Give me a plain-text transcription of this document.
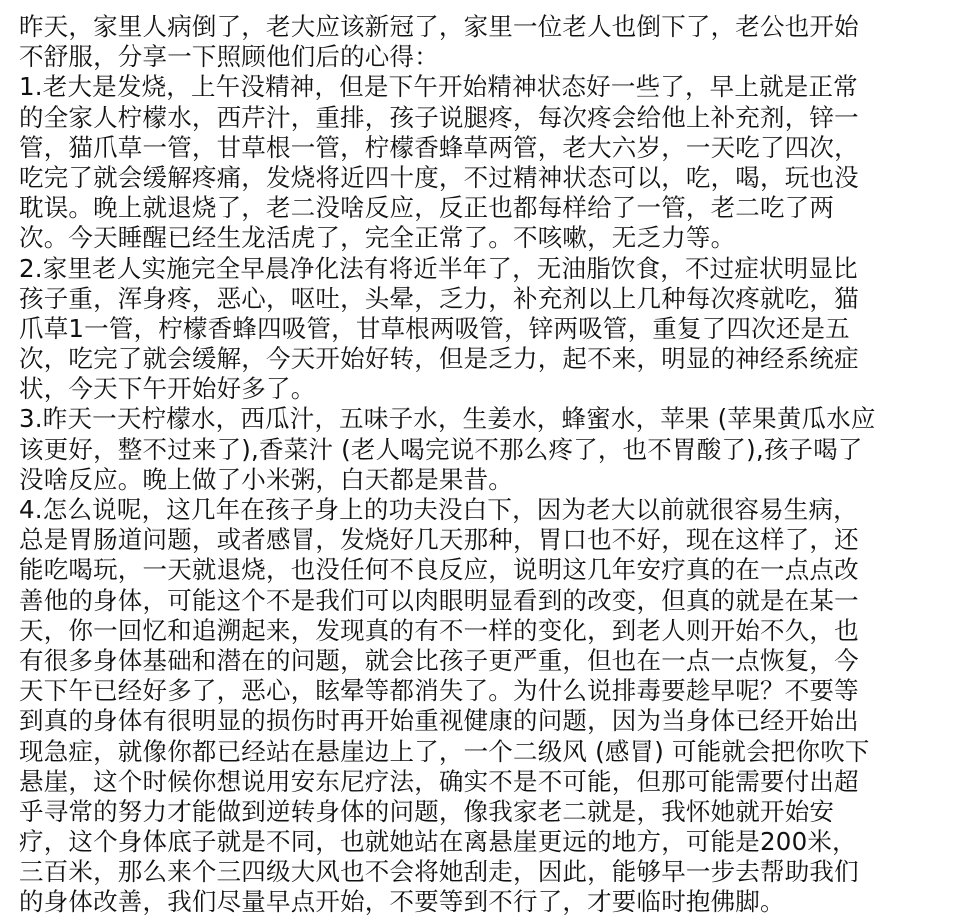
昨天，家里人病倒了，老大应该新冠了，家里一位老人也倒下了，老公也开始
不舒服，分享一下照顾他们后的心得：
1.老大是发烧，上午没精神，但是下午开始精神状态好一些了，早上就是正常
的全家人柠檬水，西芹汁，重排，孩子说腿疼，每次疼会给他上补充剂，锌一
管，猫爪草一管，甘草根一管，柠檬香蜂草两管，老大六岁，一天吃了四次，
吃完了就会缓解疼痛，发烧将近四十度，不过精神状态可以，吃，喝，玩也没
耽误。晚上就退烧了，老二没啥反应，反正也都每样给了一管，老二吃了两
次。今天睡醒已经生龙活虎了，完全正常了。不咳嗽，无乏力等。
2.家里老人实施完全早晨净化法有将近半年了，无油脂饮食，不过症状明显比
孩子重，浑身疼，恶心，呕吐，头晕，乏力，补充剂以上几种每次疼就吃，猫
爪草1一管，柠檬香蜂四吸管，甘草根两吸管，锌两吸管，重复了四次还是五
次，吃完了就会缓解，今天开始好转，但是乏力，起不来，明显的神经系统症
状，今天下午开始好多了。
3.昨天一天柠檬水，西瓜汁，五味子水，生姜水，蜂蜜水，苹果 (苹果黄瓜水应
该更好，整不过来了),香菜汁 (老人喝完说不那么疼了，也不胃酸了),孩子喝了
没啥反应。晚上做了小米粥，白天都是果昔。
4.怎么说呢，这几年在孩子身上的功夫没白下，因为老大以前就很容易生病，
总是胃肠道问题，或者感冒，发烧好几天那种，胃口也不好，现在这样了，还
能吃喝玩，一天就退烧，也没任何不良反应，说明这几年安疗真的在一点点改
善他的身体，可能这个不是我们可以肉眼明显看到的改变，但真的就是在某一
天，你一回忆和追溯起来，发现真的有不一样的变化，到老人则开始不久，也
有很多身体基础和潜在的问题，就会比孩子更严重，但也在一点一点恢复，今
天下午已经好多了，恶心，眩晕等都消失了。为什么说排毒要趁早呢？不要等
到真的身体有很明显的损伤时再开始重视健康的问题，因为当身体已经开始出
现急症，就像你都已经站在悬崖边上了，一个二级风 (感冒) 可能就会把你吹下
悬崖，这个时候你想说用安东尼疗法，确实不是不可能，但那可能需要付出超
乎寻常的努力才能做到逆转身体的问题，像我家老二就是，我怀她就开始安
疗，这个身体底子就是不同，也就她站在离悬崖更远的地方，可能是200米，
三百米，那么来个三四级大风也不会将她刮走，因此，能够早一步去帮助我们
的身体改善，我们尽量早点开始，不要等到不行了，才要临时抱佛脚。
